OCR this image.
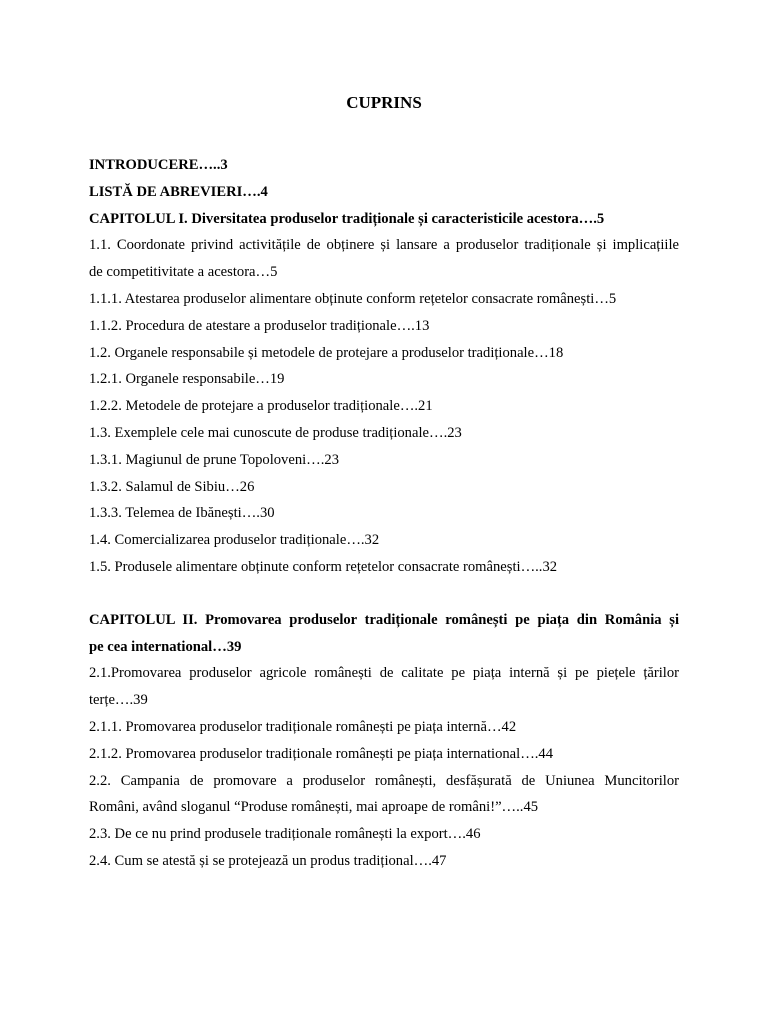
CUPRINS

INTRODUCERE…..3

LISTĂ DE ABREVIERI….4

CAPITOLUL I. Diversitatea produselor tradiționale și caracteristicile acestora….5

1.1. Coordonate privind activitățile de obținere și lansare a produselor tradiționale și implicațiile

de competitivitate a acestora…5

1.1.1. Atestarea produselor alimentare obținute conform rețetelor consacrate românești…5

1.1.2. Procedura de atestare a produselor tradiționale….13

1.2. Organele responsabile și metodele de protejare a produselor tradiționale…18

1.2.1. Organele responsabile…19

1.2.2. Metodele de protejare a produselor tradiționale….21

1.3. Exemplele cele mai cunoscute de produse tradiționale….23

1.3.1. Magiunul de prune Topoloveni….23

1.3.2. Salamul de Sibiu…26

1.3.3. Telemea de Ibănești….30

1.4. Comercializarea produselor tradiționale….32

1.5. Produsele alimentare obținute conform rețetelor consacrate românești…..32

CAPITOLUL II. Promovarea produselor tradiționale românești pe piața din România și

pe cea international…39

2.1.Promovarea produselor agricole românești de calitate pe piața internă și pe piețele țărilor

terțe….39

2.1.1. Promovarea produselor tradiționale românești pe piața internă…42

2.1.2. Promovarea produselor tradiționale românești pe piața international….44

2.2. Campania de promovare a produselor românești, desfășurată de Uniunea Muncitorilor

Români, având sloganul “Produse românești, mai aproape de români!”…..45

2.3. De ce nu prind produsele tradiționale românești la export….46

2.4. Cum se atestă și se protejează un produs tradițional….47
